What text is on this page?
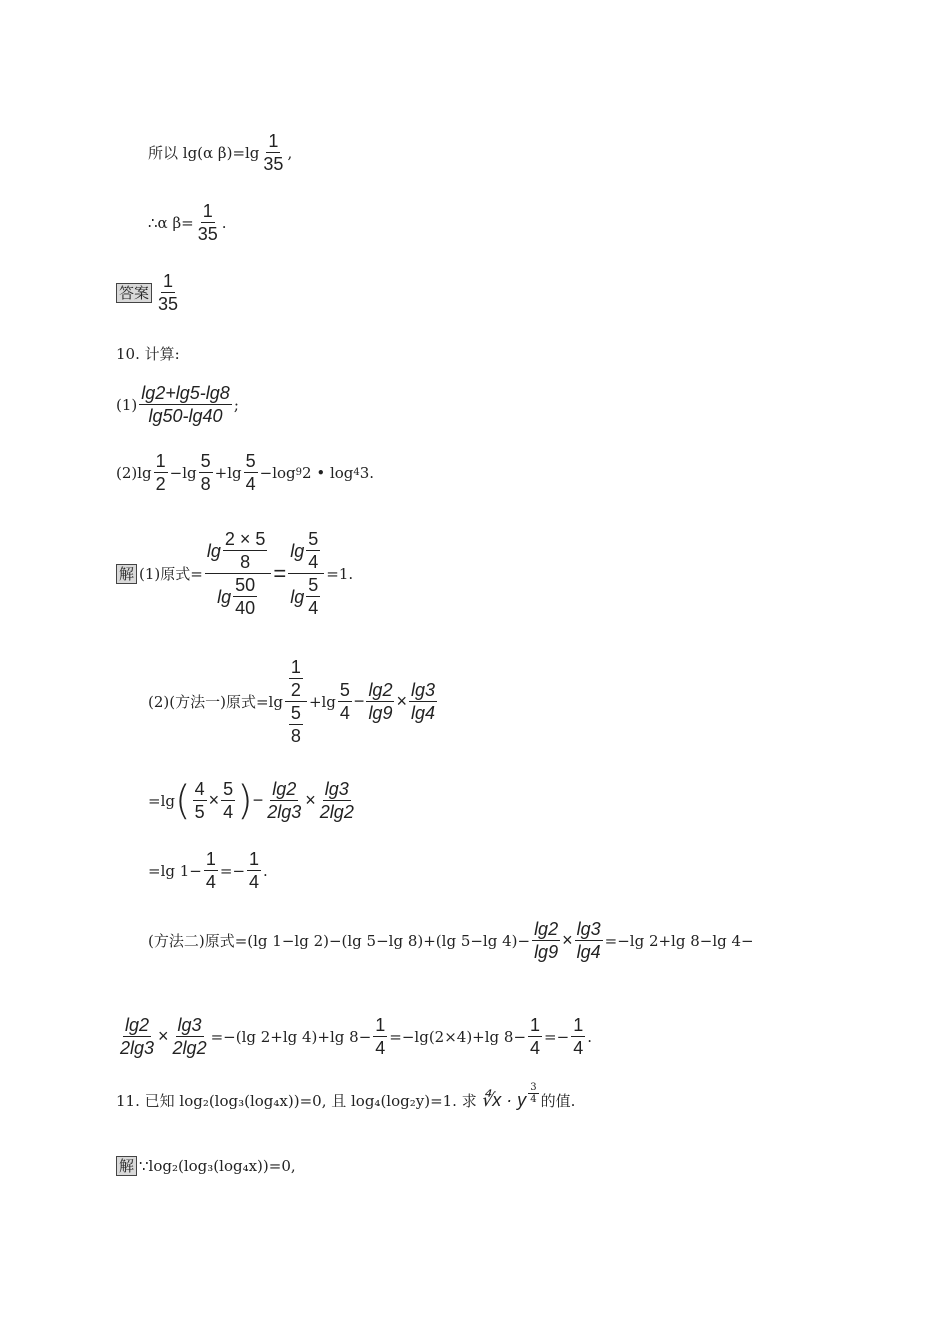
所以 lg(α $\beta)=\lg \frac{1}{35}$ ,
∴α $\beta= \frac{1}{35}$ .
答案 $\frac{1}{35}$
10. 计算:
$(1) \frac{\lg 2+\lg 5-\lg 8}{\lg 50-\lg 40}$ ;
(2) $\lg \frac{1}{2} -\lg \frac{5}{8} +\lg \frac{5}{4} -\log$ 9 2 • log 4 3.
解 (1)原式= $\frac{\lg \frac{2 \times 5}{8}}{\lg \frac{50}{40}} = \frac{\lg \frac{5}{4}}{\lg \frac{5}{4}} =1$.
(2)(方法一)原式$=\lg \frac{\frac{1}{2}}{\frac{5}{8}} +\lg \frac{5}{4} - \frac{\lg 2}{\lg 9} \times \frac{\lg 3}{\lg 4}$
=lg ( $\frac{4}{5} \times \frac{5}{4}$ ) − $\frac{\lg 2}{2\lg 3} \times \frac{\lg 3}{2\lg 2}$
=lg $1- \frac{1}{4} =- \frac{1}{4}$ .
(方法二)原式=(lg 1−lg 2)−(lg 5−lg 8)+(lg 5−lg $4)- \frac{\lg 2}{\lg 9} \times \frac{\lg 3}{\lg 4} =-\lg$ 2+lg 8−lg 4−
$\frac{\lg 2}{2\lg 3} \times \frac{\lg 3}{2\lg 2} =-(\lg$ 2+lg 4)+lg $8- \frac{1}{4} =-\lg(2\times 4)+\lg$ $8- \frac{1}{4} =- \frac{1}{4}$ .
11. 已知 log₂(log₃(log₄x))=0, 且 log₄(log₂y)=1. 求 ∜x · y $\frac{3}{4}$ 的值.
解 ∵log₂(log₃(log₄x))=0,
